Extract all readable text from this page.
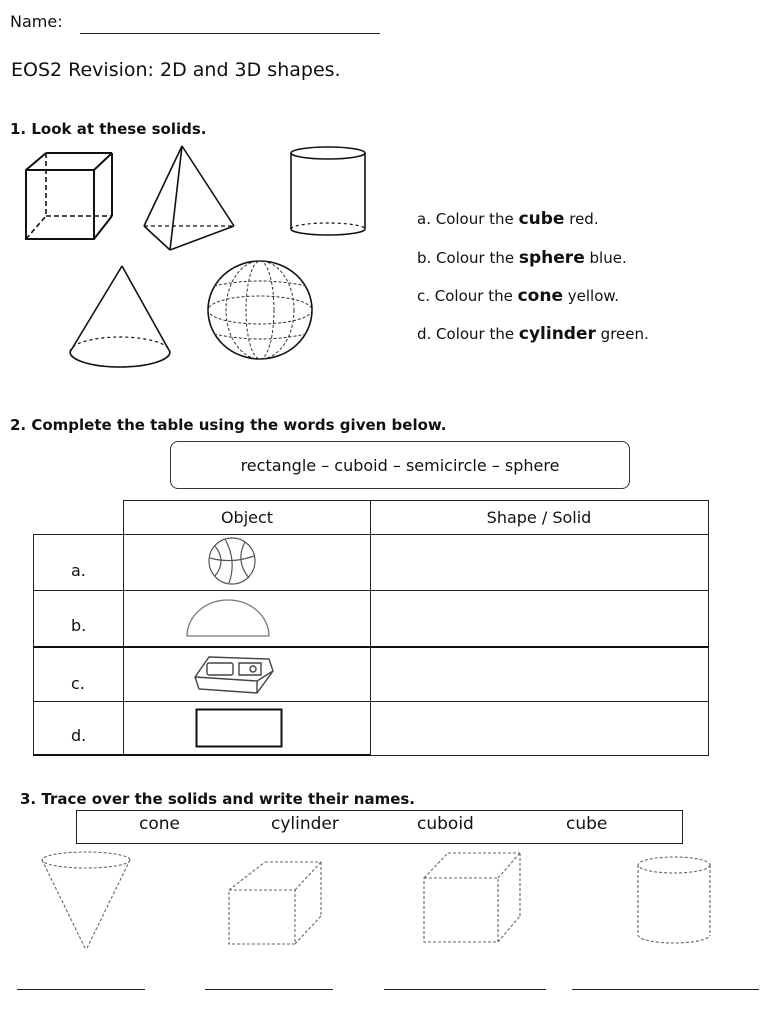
Name:
EOS2 Revision: 2D and 3D shapes.
1. Look at these solids.
a. Colour the cube red.
b. Colour the sphere blue.
c. Colour the cone yellow.
d. Colour the cylinder green.
2. Complete the table using the words given below.
rectangle – cuboid – semicircle – sphere
Object	Shape / Solid
a.
b.
c.
d.
3. Trace over the solids and write their names.
cone	cylinder	cuboid	cube
